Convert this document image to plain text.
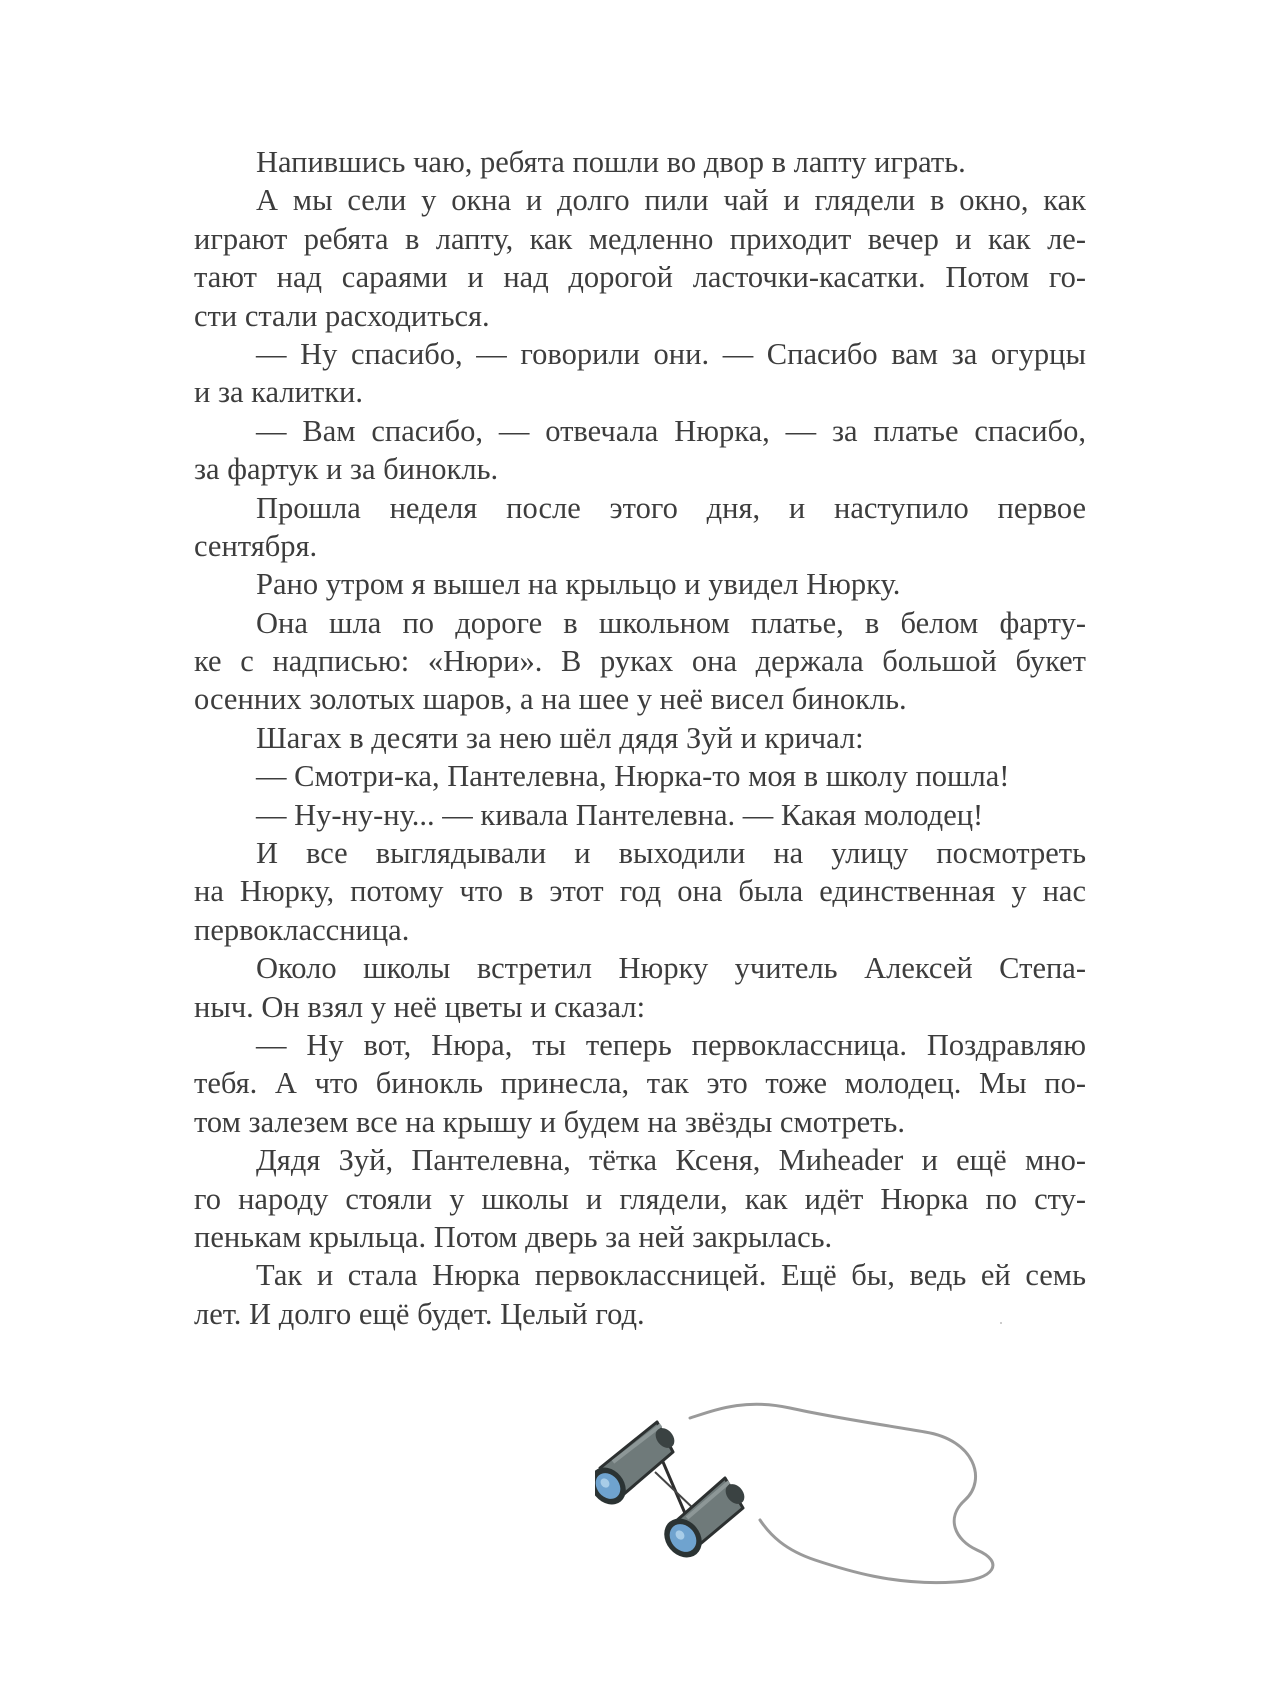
Напившись чаю, ребята пошли во двор в лапту играть.
А мы сели у окна и долго пили чай и глядели в окно, как
играют ребята в лапту, как медленно приходит вечер и как ле-
тают над сараями и над дорогой ласточки-касатки. Потом го-
сти стали расходиться.
— Ну спасибо, — говорили они. — Спасибо вам за огурцы
и за калитки.
— Вам спасибо, — отвечала Нюрка, — за платье спасибо,
за фартук и за бинокль.
Прошла неделя после этого дня, и наступило первое
сентября.
Рано утром я вышел на крыльцо и увидел Нюрку.
Она шла по дороге в школьном платье, в белом фарту-
ке с надписью: «Нюри». В руках она держала большой букет
осенних золотых шаров, а на шее у неё висел бинокль.
Шагах в десяти за нею шёл дядя Зуй и кричал:
— Смотри-ка, Пантелевна, Нюрка-то моя в школу пошла!
— Ну-ну-ну... — кивала Пантелевна. — Какая молодец!
И все выглядывали и выходили на улицу посмотреть
на Нюрку, потому что в этот год она была единственная у нас
первоклассница.
Около школы встретил Нюрку учитель Алексей Степа-
ныч. Он взял у неё цветы и сказал:
— Ну вот, Нюра, ты теперь первоклассница. Поздравляю
тебя. А что бинокль принесла, так это тоже молодец. Мы по-
том залезем все на крышу и будем на звёзды смотреть.
Дядя Зуй, Пантелевна, тётка Ксеня, Миheader и ещё мно-
го народу стояли у школы и глядели, как идёт Нюрка по сту-
пенькам крыльца. Потом дверь за ней закрылась.
Так и стала Нюрка первоклассницей. Ещё бы, ведь ей семь
лет. И долго ещё будет. Целый год.
